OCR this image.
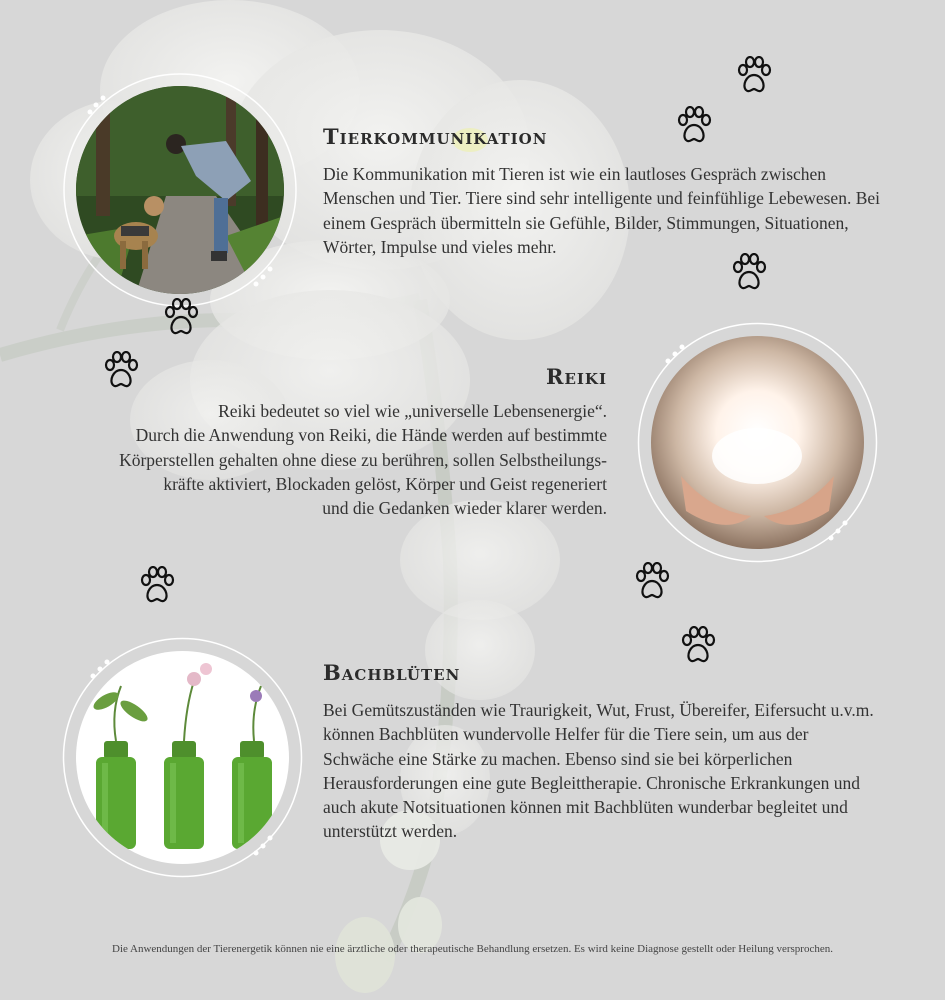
Tierkommunikation

Die Kommunikation mit Tieren ist wie ein lautloses Gespräch zwischen Menschen und Tier. Tiere sind sehr intelligente und feinfühlige Lebewesen. Bei einem Gespräch übermitteln sie Gefühle, Bilder, Stimmungen, Situationen, Wörter, Impulse und vieles mehr.

Reiki
Reiki bedeutet so viel wie „universelle Lebensenergie“.
Durch die Anwendung von Reiki, die Hände werden auf bestimmte
Körperstellen gehalten ohne diese zu berühren, sollen Selbstheilungs-
kräfte aktiviert, Blockaden gelöst, Körper und Geist regeneriert
und die Gedanken wieder klarer werden.
Bachblüten

Bei Gemütszuständen wie Traurigkeit, Wut, Frust, Übereifer, Eifersucht u.v.m. können Bachblüten wundervolle Helfer für die Tiere sein, um aus der Schwäche eine Stärke zu machen. Ebenso sind sie bei körperlichen Herausforderungen eine gute Begleittherapie. Chronische Erkrankungen und auch akute Notsituationen können mit Bachblüten wunderbar begleitet und unterstützt werden.

Die Anwendungen der Tierenergetik können nie eine ärztliche oder therapeutische Behandlung ersetzen. Es wird keine Diagnose gestellt oder Heilung versprochen.
